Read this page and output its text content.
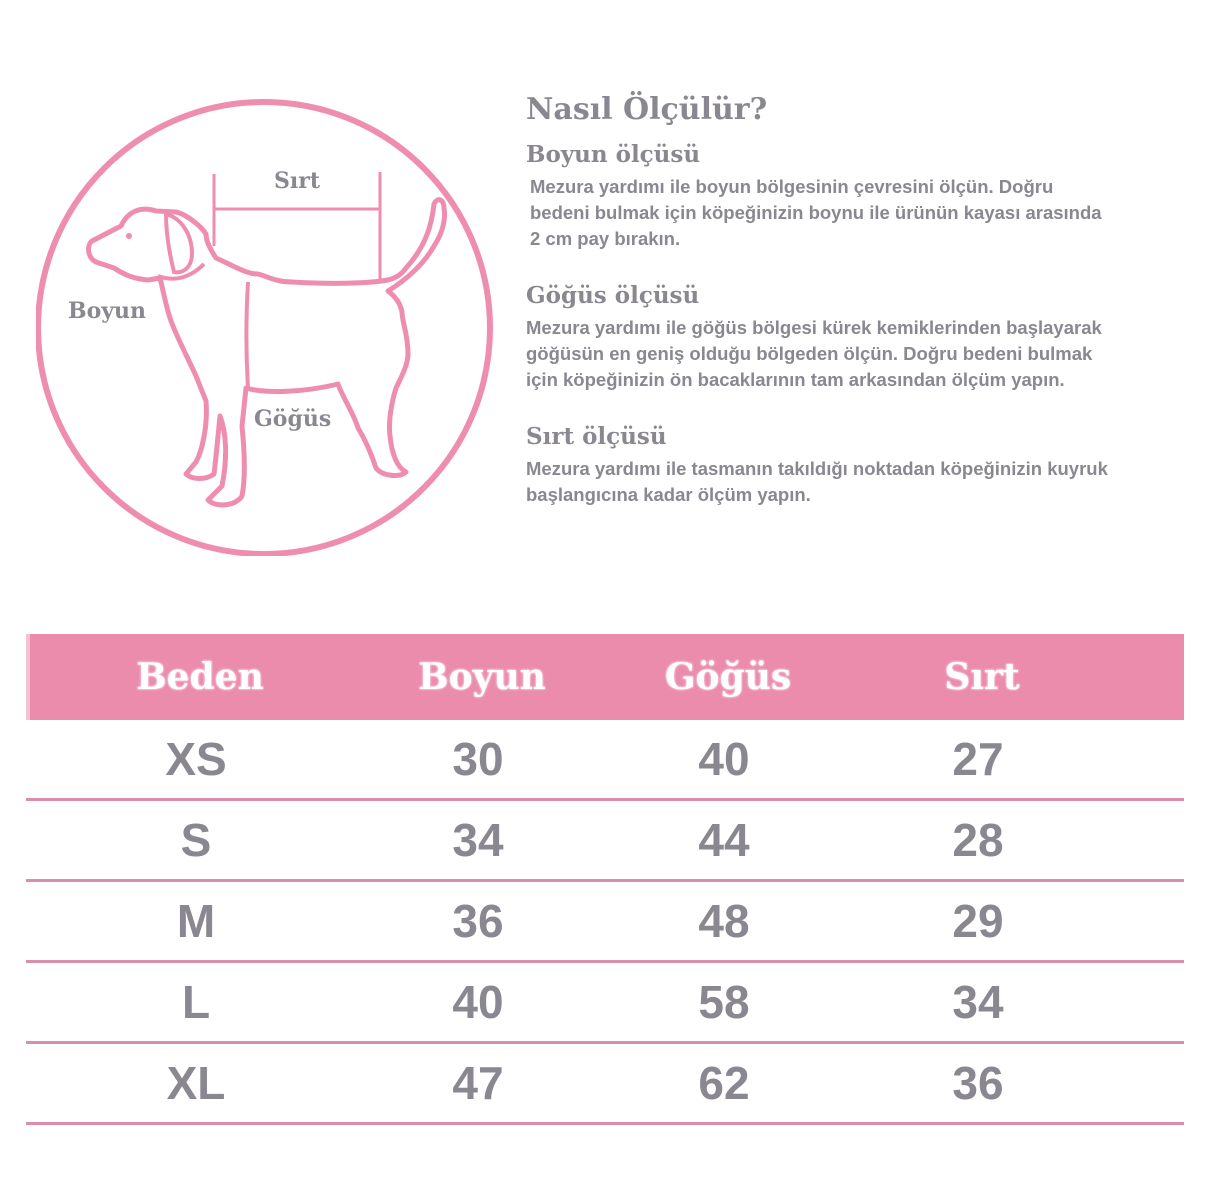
Sırt
Boyun
Göğüs
Nasıl Ölçülür?
Boyun ölçüsü

Mezura yardımı ile boyun bölgesinin çevresini ölçün. Doğru
bedeni bulmak için köpeğinizin boynu ile ürünün kayası arasında
2 cm pay bırakın.

Göğüs ölçüsü

Mezura yardımı ile göğüs bölgesi kürek kemiklerinden başlayarak
göğüsün en geniş olduğu bölgeden ölçün. Doğru bedeni bulmak
için köpeğinizin ön bacaklarının tam arkasından ölçüm yapın.

Sırt ölçüsü

Mezura yardımı ile tasmanın takıldığı noktadan köpeğinizin kuyruk
başlangıcına kadar ölçüm yapın.

Beden	Boyun	Göğüs	Sırt
XS	30	40	27
S	34	44	28
M	36	48	29
L	40	58	34
XL	47	62	36
